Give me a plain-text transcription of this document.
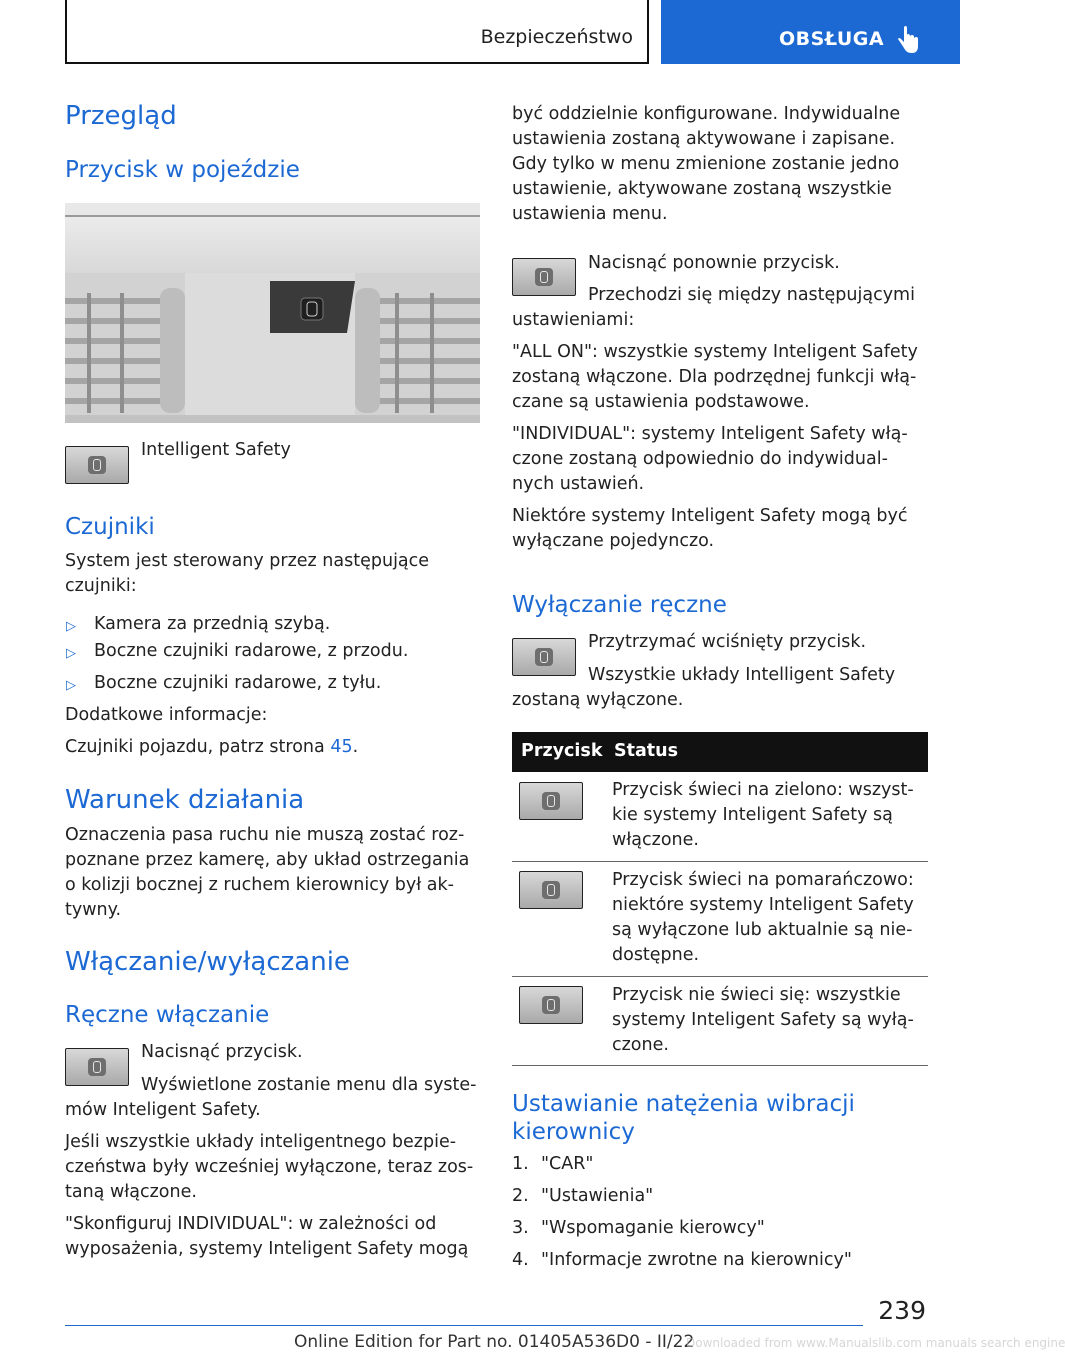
Bezpieczeństwo	OBSŁUGA
Przegląd
Przycisk w pojeździe
Intelligent Safety
Czujniki
System jest sterowany przez następujące
czujniki:
▷ Kamera za przednią szybą.
▷ Boczne czujniki radarowe, z przodu.
▷ Boczne czujniki radarowe, z tyłu.
Dodatkowe informacje:
Czujniki pojazdu, patrz strona 45.
Warunek działania
Oznaczenia pasa ruchu nie muszą zostać roz-
poznane przez kamerę, aby układ ostrzegania
o kolizji bocznej z ruchem kierownicy był ak-
tywny.
Włączanie/wyłączanie
Ręczne włączanie
Nacisnąć przycisk.
Wyświetlone zostanie menu dla syste-
mów Inteligent Safety.
Jeśli wszystkie układy inteligentnego bezpie-
czeństwa były wcześniej wyłączone, teraz zos-
taną włączone.
"Skonfiguruj INDIVIDUAL": w zależności od
wyposażenia, systemy Inteligent Safety mogą
być oddzielnie konfigurowane. Indywidualne
ustawienia zostaną aktywowane i zapisane.
Gdy tylko w menu zmienione zostanie jedno
ustawienie, aktywowane zostaną wszystkie
ustawienia menu.
Nacisnąć ponownie przycisk.
Przechodzi się między następującymi
ustawieniami:
"ALL ON": wszystkie systemy Inteligent Safety
zostaną włączone. Dla podrzędnej funkcji włą-
czane są ustawienia podstawowe.
"INDIVIDUAL": systemy Inteligent Safety włą-
czone zostaną odpowiednio do indywidual-
nych ustawień.
Niektóre systemy Inteligent Safety mogą być
wyłączane pojedynczo.
Wyłączanie ręczne
Przytrzymać wciśnięty przycisk.
Wszystkie układy Intelligent Safety
zostaną wyłączone.
Przycisk Status
Przycisk świeci na zielono: wszyst-
kie systemy Inteligent Safety są
włączone.
Przycisk świeci na pomarańczowo:
niektóre systemy Inteligent Safety
są wyłączone lub aktualnie są nie-
dostępne.
Przycisk nie świeci się: wszystkie
systemy Inteligent Safety są wyłą-
czone.
Ustawianie natężenia wibracji
kierownicy
1. "CAR"
2. "Ustawienia"
3. "Wspomaganie kierowcy"
4. "Informacje zwrotne na kierownicy"
239
Online Edition for Part no. 01405A536D0 - II/22
Downloaded from www.Manualslib.com manuals search engine
